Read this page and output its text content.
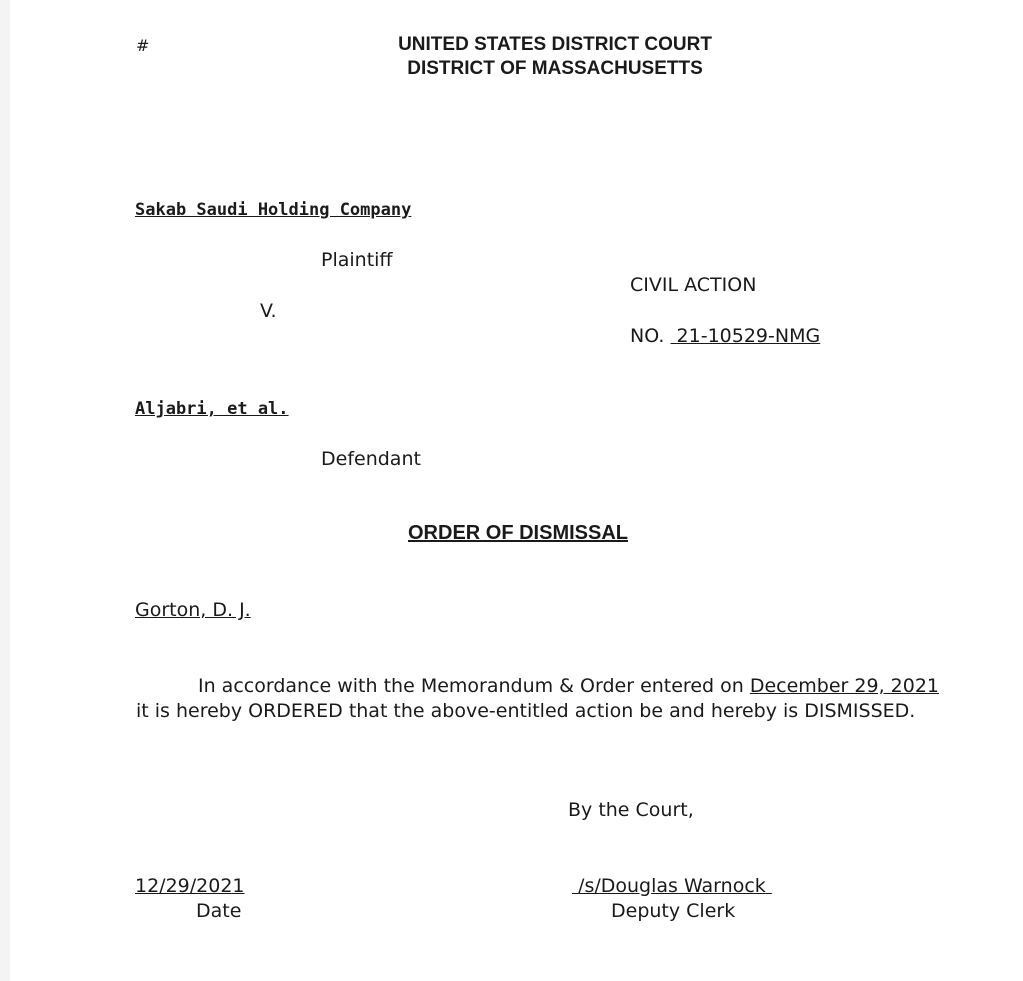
#	UNITED STATES DISTRICT COURT
DISTRICT OF MASSACHUSETTS
Sakab Saudi Holding Company
Plaintiff
CIVIL ACTION
V.
NO. 21-10529-NMG
Aljabri, et al.
Defendant
ORDER OF DISMISSAL
Gorton, D. J.
In accordance with the Memorandum & Order entered on December 29, 2021 it is hereby ORDERED that the above-entitled action be and hereby is DISMISSED.
By the Court,
12/29/2021
Date
/s/Douglas Warnock
Deputy Clerk
